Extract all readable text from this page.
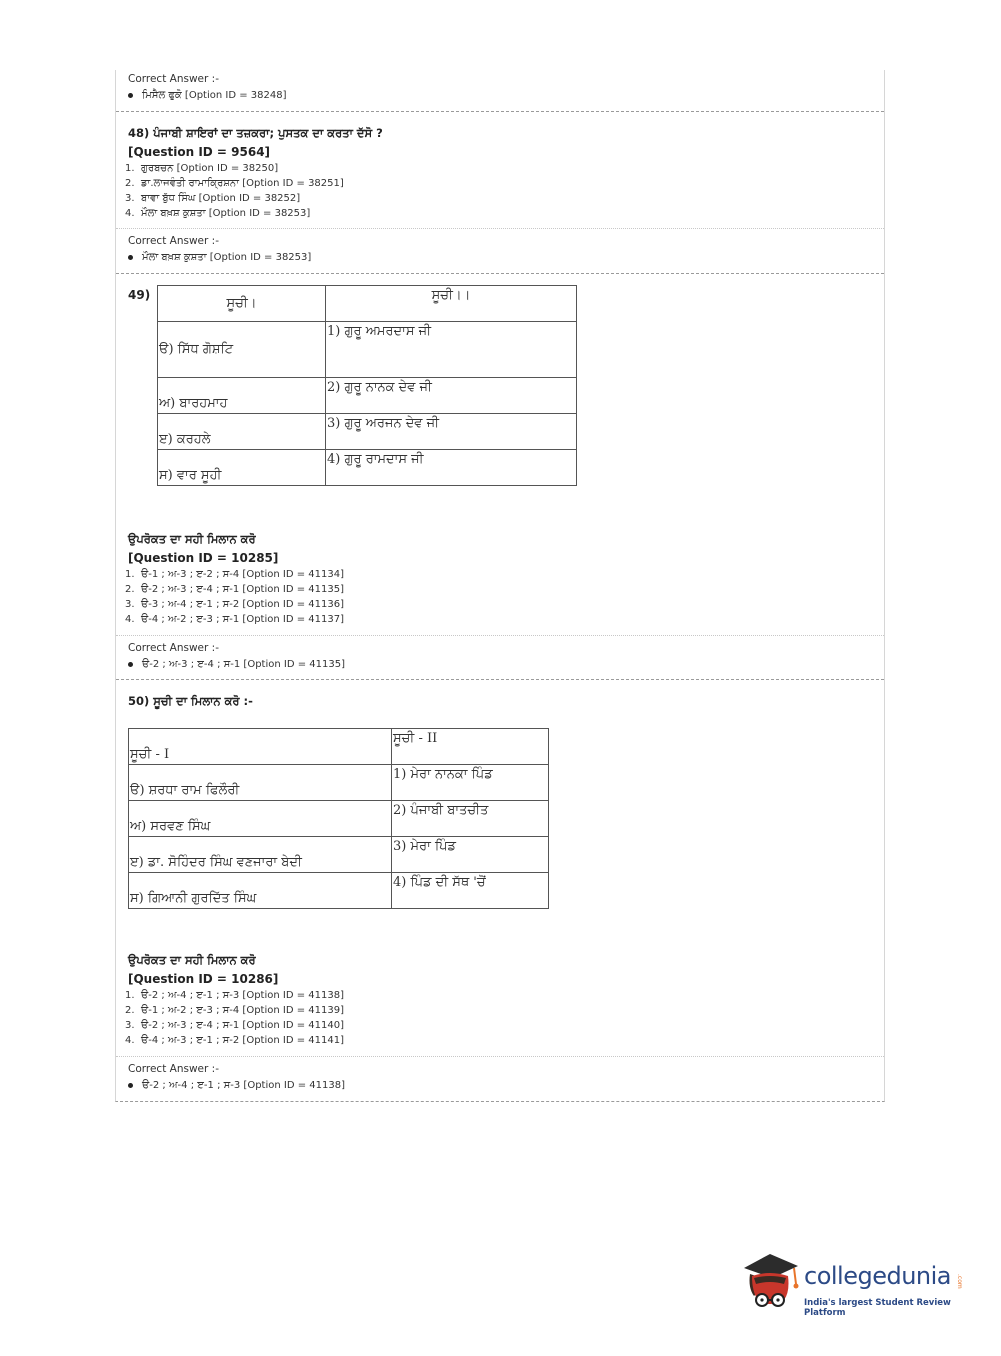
Correct Answer :-

ਮਿਸੈਲ ਫੁਕੋ [Option ID = 38248]

48) ਪੰਜਾਬੀ ਸ਼ਾਇਰਾਂ ਦਾ ਤਜ਼ਕਰਾ; ਪੁਸਤਕ ਦਾ ਕਰਤਾ ਦੱਸੋ ?

[Question ID = 9564]

1. ਗੁਰਬਚਨ [Option ID = 38250]
2. ਡਾ.ਲਾਜਵੰਤੀ ਰਾਮਾਕ੍ਰਿਸ਼ਨਾ [Option ID = 38251]
3. ਬਾਵਾ ਬੁੱਧ ਸਿੰਘ [Option ID = 38252]
4. ਮੌਲਾ ਬਖ਼ਸ਼ ਕੁਸ਼ਤਾ [Option ID = 38253]

Correct Answer :-

ਮੌਲਾ ਬਖ਼ਸ਼ ਕੁਸ਼ਤਾ [Option ID = 38253]

49)
ਸੂਚੀ।	ਸੂਚੀ।।
ੳ) ਸਿੱਧ ਗੋਸ਼ਟਿ	1) ਗੁਰੂ ਅਮਰਦਾਸ ਜੀ
ਅ) ਬਾਰਹਮਾਹ	2) ਗੁਰੂ ਨਾਨਕ ਦੇਵ ਜੀ
ੲ) ਕਰਹਲੇ	3) ਗੁਰੂ ਅਰਜਨ ਦੇਵ ਜੀ
ਸ) ਵਾਰ ਸੂਹੀ	4) ਗੁਰੂ ਰਾਮਦਾਸ ਜੀ

ਉਪਰੋਕਤ ਦਾ ਸਹੀ ਮਿਲਾਨ ਕਰੋ

[Question ID = 10285]

1. ੳ-1 ; ਅ-3 ; ੲ-2 ; ਸ-4 [Option ID = 41134]
2. ੳ-2 ; ਅ-3 ; ੲ-4 ; ਸ-1 [Option ID = 41135]
3. ੳ-3 ; ਅ-4 ; ੲ-1 ; ਸ-2 [Option ID = 41136]
4. ੳ-4 ; ਅ-2 ; ੲ-3 ; ਸ-1 [Option ID = 41137]

Correct Answer :-

ੳ-2 ; ਅ-3 ; ੲ-4 ; ਸ-1 [Option ID = 41135]

50) ਸੂਚੀ ਦਾ ਮਿਲਾਨ ਕਰੋ :-

ਸੂਚੀ - I	ਸੂਚੀ - II
ੳ) ਸ਼ਰਧਾ ਰਾਮ ਫਿਲੌਰੀ	1) ਮੇਰਾ ਨਾਨਕਾ ਪਿੰਡ
ਅ) ਸਰਵਣ ਸਿੰਘ	2) ਪੰਜਾਬੀ ਬਾਤਚੀਤ
ੲ) ਡਾ. ਸੋਹਿੰਦਰ ਸਿੰਘ ਵਣਜਾਰਾ ਬੇਦੀ	3) ਮੇਰਾ ਪਿੰਡ
ਸ) ਗਿਆਨੀ ਗੁਰਦਿੱਤ ਸਿੰਘ	4) ਪਿੰਡ ਦੀ ਸੱਥ 'ਚੋਂ

ਉਪਰੋਕਤ ਦਾ ਸਹੀ ਮਿਲਾਨ ਕਰੋ

[Question ID = 10286]

1. ੳ-2 ; ਅ-4 ; ੲ-1 ; ਸ-3 [Option ID = 41138]
2. ੳ-1 ; ਅ-2 ; ੲ-3 ; ਸ-4 [Option ID = 41139]
3. ੳ-2 ; ਅ-3 ; ੲ-4 ; ਸ-1 [Option ID = 41140]
4. ੳ-4 ; ਅ-3 ; ੲ-1 ; ਸ-2 [Option ID = 41141]

Correct Answer :-

ੳ-2 ; ਅ-4 ; ੲ-1 ; ਸ-3 [Option ID = 41138]

collegedunia .com
India's largest Student Review Platform
